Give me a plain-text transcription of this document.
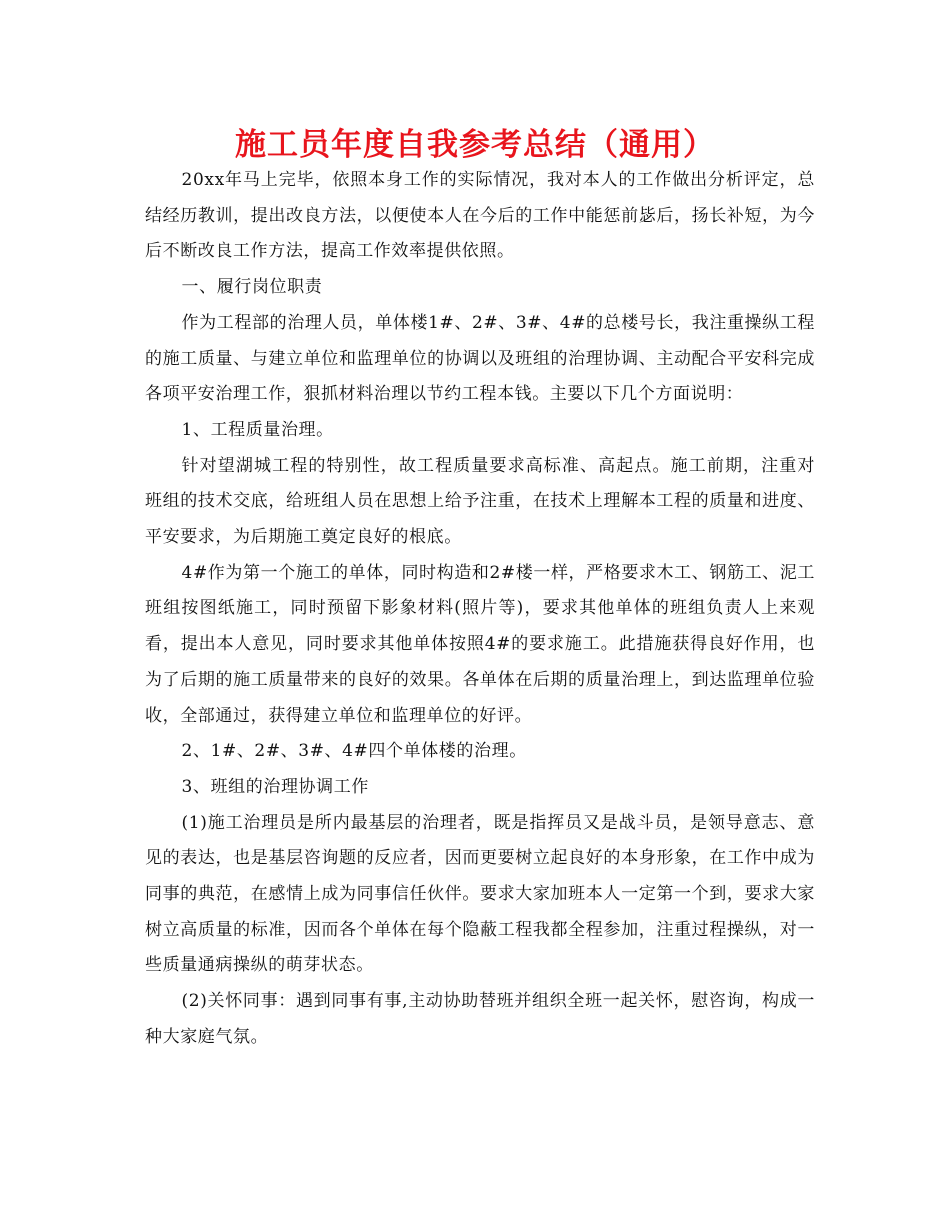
施工员年度自我参考总结（通用）

20xx年马上完毕，依照本身工作的实际情况，我对本人的工作做出分析评定，总结经历教训，提出改良方法，以便使本人在今后的工作中能惩前毖后，扬长补短，为今后不断改良工作方法，提高工作效率提供依照。

一、履行岗位职责

作为工程部的治理人员，单体楼1#、2#、3#、4#的总楼号长，我注重操纵工程的施工质量、与建立单位和监理单位的协调以及班组的治理协调、主动配合平安科完成各项平安治理工作，狠抓材料治理以节约工程本钱。主要以下几个方面说明：

1、工程质量治理。

针对望湖城工程的特别性，故工程质量要求高标准、高起点。施工前期，注重对班组的技术交底，给班组人员在思想上给予注重，在技术上理解本工程的质量和进度、平安要求，为后期施工奠定良好的根底。

4#作为第一个施工的单体，同时构造和2#楼一样，严格要求木工、钢筋工、泥工班组按图纸施工，同时预留下影象材料(照片等)，要求其他单体的班组负责人上来观看，提出本人意见，同时要求其他单体按照4#的要求施工。此措施获得良好作用，也为了后期的施工质量带来的良好的效果。各单体在后期的质量治理上，到达监理单位验收，全部通过，获得建立单位和监理单位的好评。

2、1#、2#、3#、4#四个单体楼的治理。

3、班组的治理协调工作

(1)施工治理员是所内最基层的治理者，既是指挥员又是战斗员，是领导意志、意见的表达，也是基层咨询题的反应者，因而更要树立起良好的本身形象，在工作中成为同事的典范，在感情上成为同事信任伙伴。要求大家加班本人一定第一个到，要求大家树立高质量的标准，因而各个单体在每个隐蔽工程我都全程参加，注重过程操纵，对一些质量通病操纵的萌芽状态。

(2)关怀同事：遇到同事有事,主动协助替班并组织全班一起关怀，慰咨询，构成一种大家庭气氛。
